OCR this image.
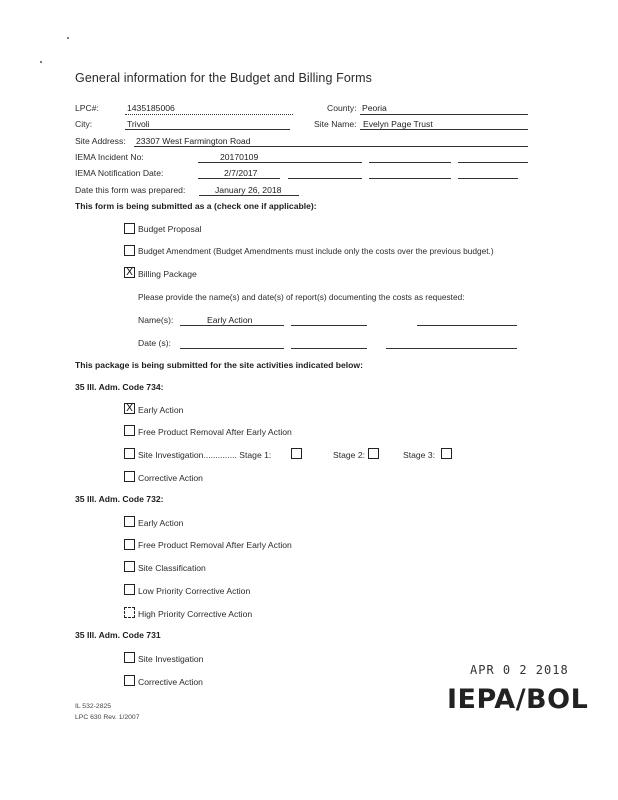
General information for the Budget and Billing Forms
LPC#:	1435185006	County: Peoria
City:	Trivoli	Site Name: Evelyn Page Trust
Site Address: 23307 West Farmington Road
IEMA Incident No:	20170109
IEMA Notification Date:	2/7/2017
Date this form was prepared:	January 26, 2018
This form is being submitted as a (check one if applicable):
Budget Proposal
Budget Amendment (Budget Amendments must include only the costs over the previous budget.)
X Billing Package
Please provide the name(s) and date(s) of report(s) documenting the costs as requested:
Name(s):	Early Action
Date (s):
This package is being submitted for the site activities indicated below:
35 Ill. Adm. Code 734:
X Early Action
Free Product Removal After Early Action
Site Investigation.............. Stage 1:	Stage 2:	Stage 3:
Corrective Action
35 Ill. Adm. Code 732:
Early Action
Free Product Removal After Early Action
Site Classification
Low Priority Corrective Action
High Priority Corrective Action
35 Ill. Adm. Code 731
Site Investigation
Corrective Action
APR 0 2 2018
IEPA/BOL
IL 532-2825
LPC 630 Rev. 1/2007
